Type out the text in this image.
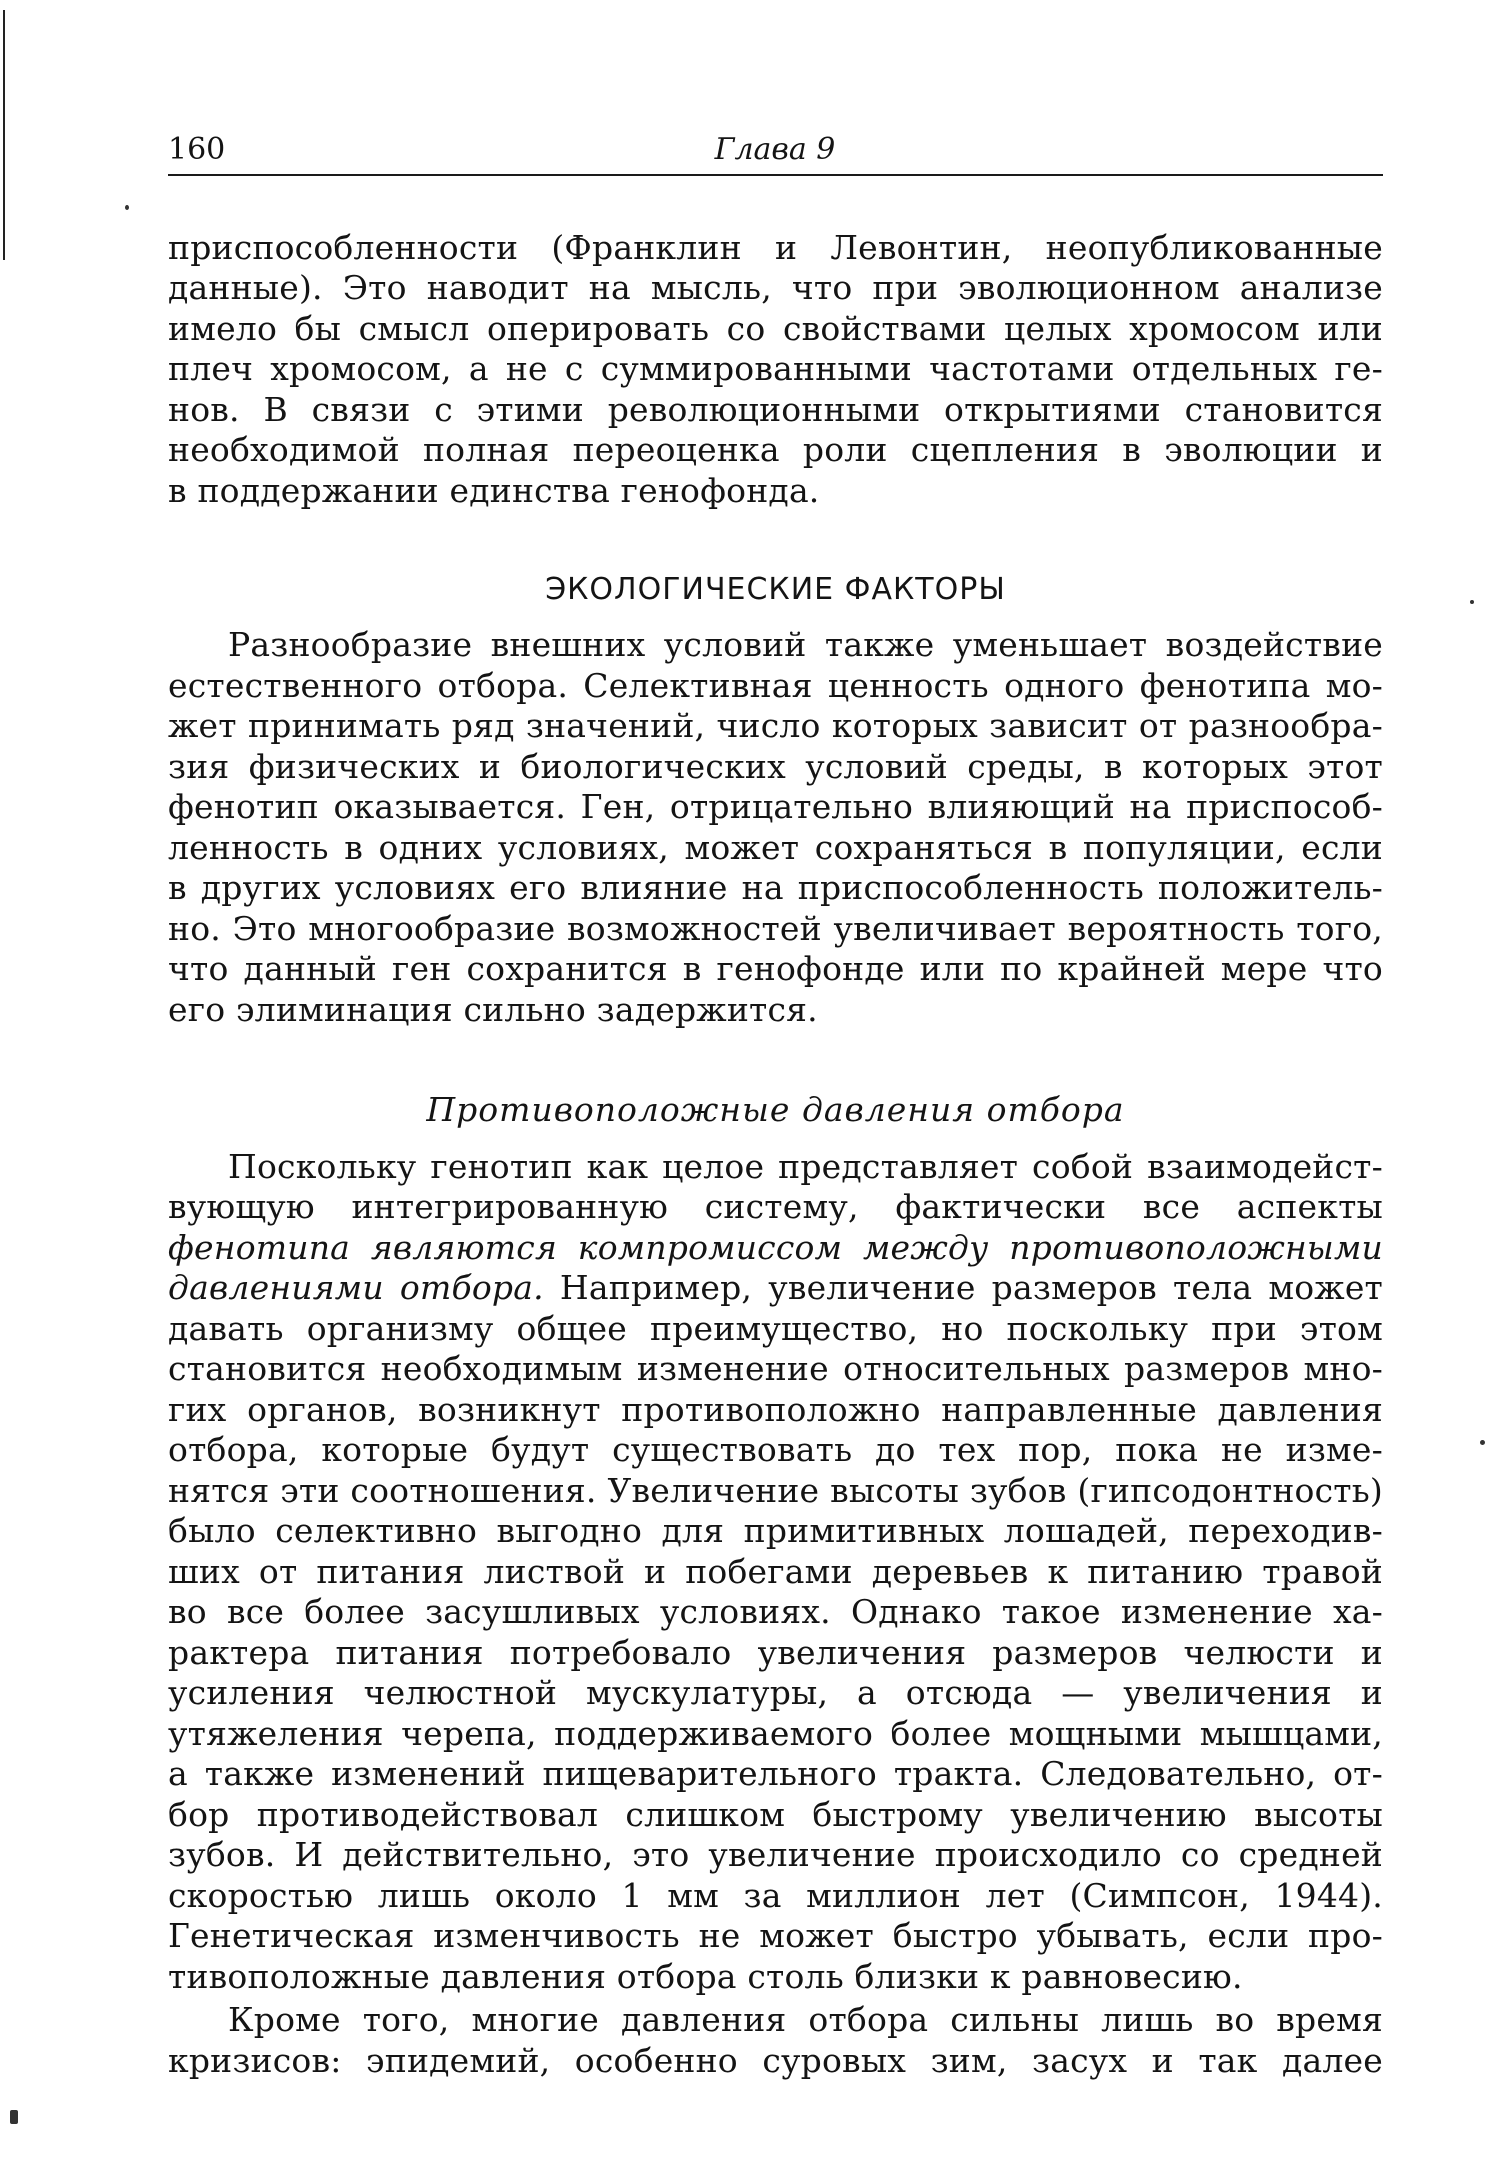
160	Глава 9
приспособленности (Франклин и Левонтин, неопубликованные
данные). Это наводит на мысль, что при эволюционном анализе
имело бы смысл оперировать со свойствами целых хромосом или
плеч хромосом, а не с суммированными частотами отдельных ге-
нов. В связи с этими революционными открытиями становится
необходимой полная переоценка роли сцепления в эволюции и
в поддержании единства генофонда.
ЭКОЛОГИЧЕСКИЕ ФАКТОРЫ
Разнообразие внешних условий также уменьшает воздействие
естественного отбора. Селективная ценность одного фенотипа мо-
жет принимать ряд значений, число которых зависит от разнообра-
зия физических и биологических условий среды, в которых этот
фенотип оказывается. Ген, отрицательно влияющий на приспособ-
ленность в одних условиях, может сохраняться в популяции, если
в других условиях его влияние на приспособленность положитель-
но. Это многообразие возможностей увеличивает вероятность того,
что данный ген сохранится в генофонде или по крайней мере что
его элиминация сильно задержится.
Противоположные давления отбора
Поскольку генотип как целое представляет собой взаимодейст-
вующую интегрированную систему, фактически все аспекты
фенотипа являются компромиссом между противоположными
давлениями отбора. Например, увеличение размеров тела может
давать организму общее преимущество, но поскольку при этом
становится необходимым изменение относительных размеров мно-
гих органов, возникнут противоположно направленные давления
отбора, которые будут существовать до тех пор, пока не изме-
нятся эти соотношения. Увеличение высоты зубов (гипсодонтность)
было селективно выгодно для примитивных лошадей, переходив-
ших от питания листвой и побегами деревьев к питанию травой
во все более засушливых условиях. Однако такое изменение ха-
рактера питания потребовало увеличения размеров челюсти и
усиления челюстной мускулатуры, а отсюда — увеличения и
утяжеления черепа, поддерживаемого более мощными мышцами,
а также изменений пищеварительного тракта. Следовательно, от-
бор противодействовал слишком быстрому увеличению высоты
зубов. И действительно, это увеличение происходило со средней
скоростью лишь около 1 мм за миллион лет (Симпсон, 1944).
Генетическая изменчивость не может быстро убывать, если про-
тивоположные давления отбора столь близки к равновесию.
Кроме того, многие давления отбора сильны лишь во время
кризисов: эпидемий, особенно суровых зим, засух и так далее
